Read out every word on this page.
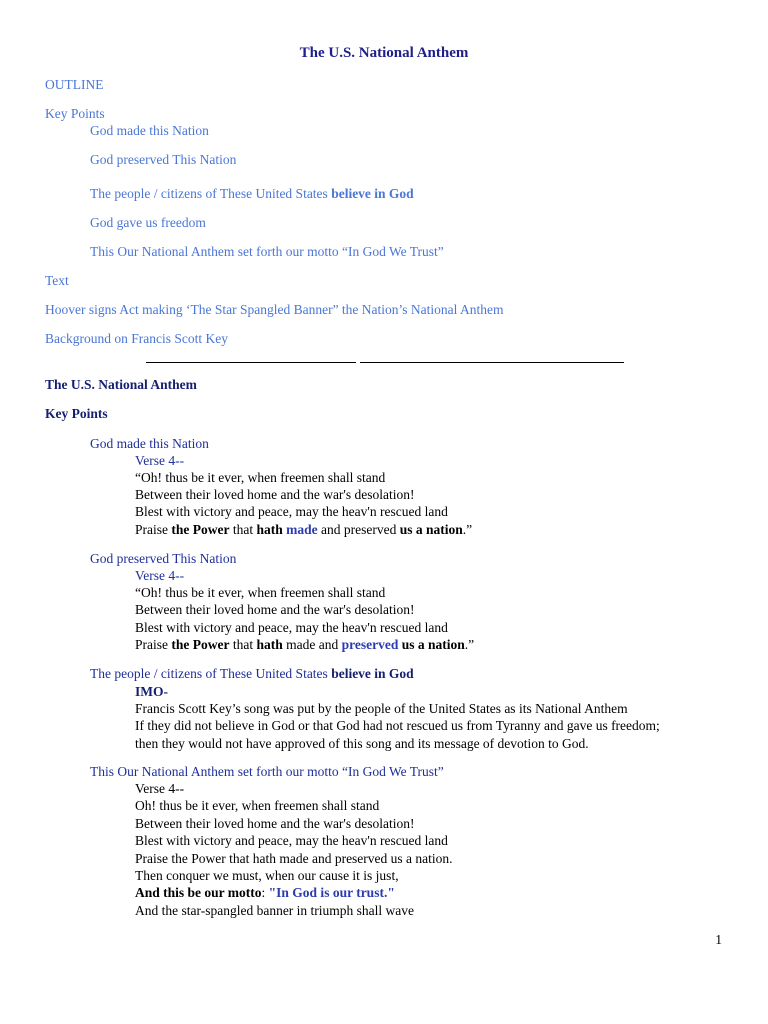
The U.S. National Anthem
OUTLINE
Key Points
God made this Nation
God preserved This Nation
The people / citizens of These United States believe in God
God gave us freedom
This Our National Anthem set forth our motto “In God We Trust”
Text
Hoover signs Act making ‘The Star Spangled Banner” the Nation’s National Anthem
Background on Francis Scott Key
The U.S. National Anthem
Key Points
God made this Nation
Verse 4--
“Oh! thus be it ever, when freemen shall stand
Between their loved home and the war's desolation!
Blest with victory and peace, may the heav'n rescued land
Praise the Power that hath made and preserved us a nation.”
God preserved This Nation
Verse 4--
“Oh! thus be it ever, when freemen shall stand
Between their loved home and the war's desolation!
Blest with victory and peace, may the heav'n rescued land
Praise the Power that hath made and preserved us a nation.”
The people / citizens of These United States believe in God
IMO-
Francis Scott Key’s song was put by the people of the United States as its National Anthem
If they did not believe in God or that God had not rescued us from Tyranny and gave us freedom;
then they would not have approved of this song and its message of devotion to God.
This Our National Anthem set forth our motto “In God We Trust”
Verse 4--
Oh! thus be it ever, when freemen shall stand
Between their loved home and the war's desolation!
Blest with victory and peace, may the heav'n rescued land
Praise the Power that hath made and preserved us a nation.
Then conquer we must, when our cause it is just,
And this be our motto: "In God is our trust."
And the star-spangled banner in triumph shall wave
1
